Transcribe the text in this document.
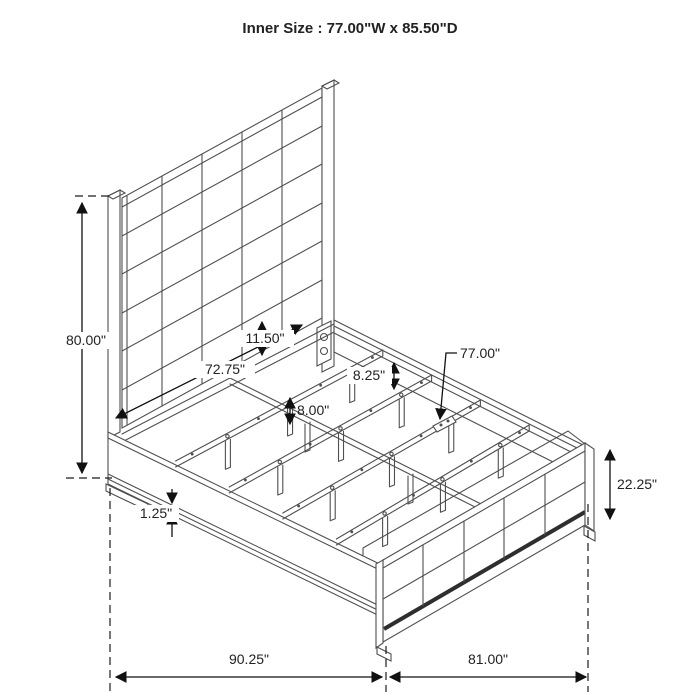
Inner Size : 77.00"W x 85.50"D
80.00"
72.75"
11.50"
8.25"
8.00"
77.00"
1.25"
22.25"
90.25"	81.00"
